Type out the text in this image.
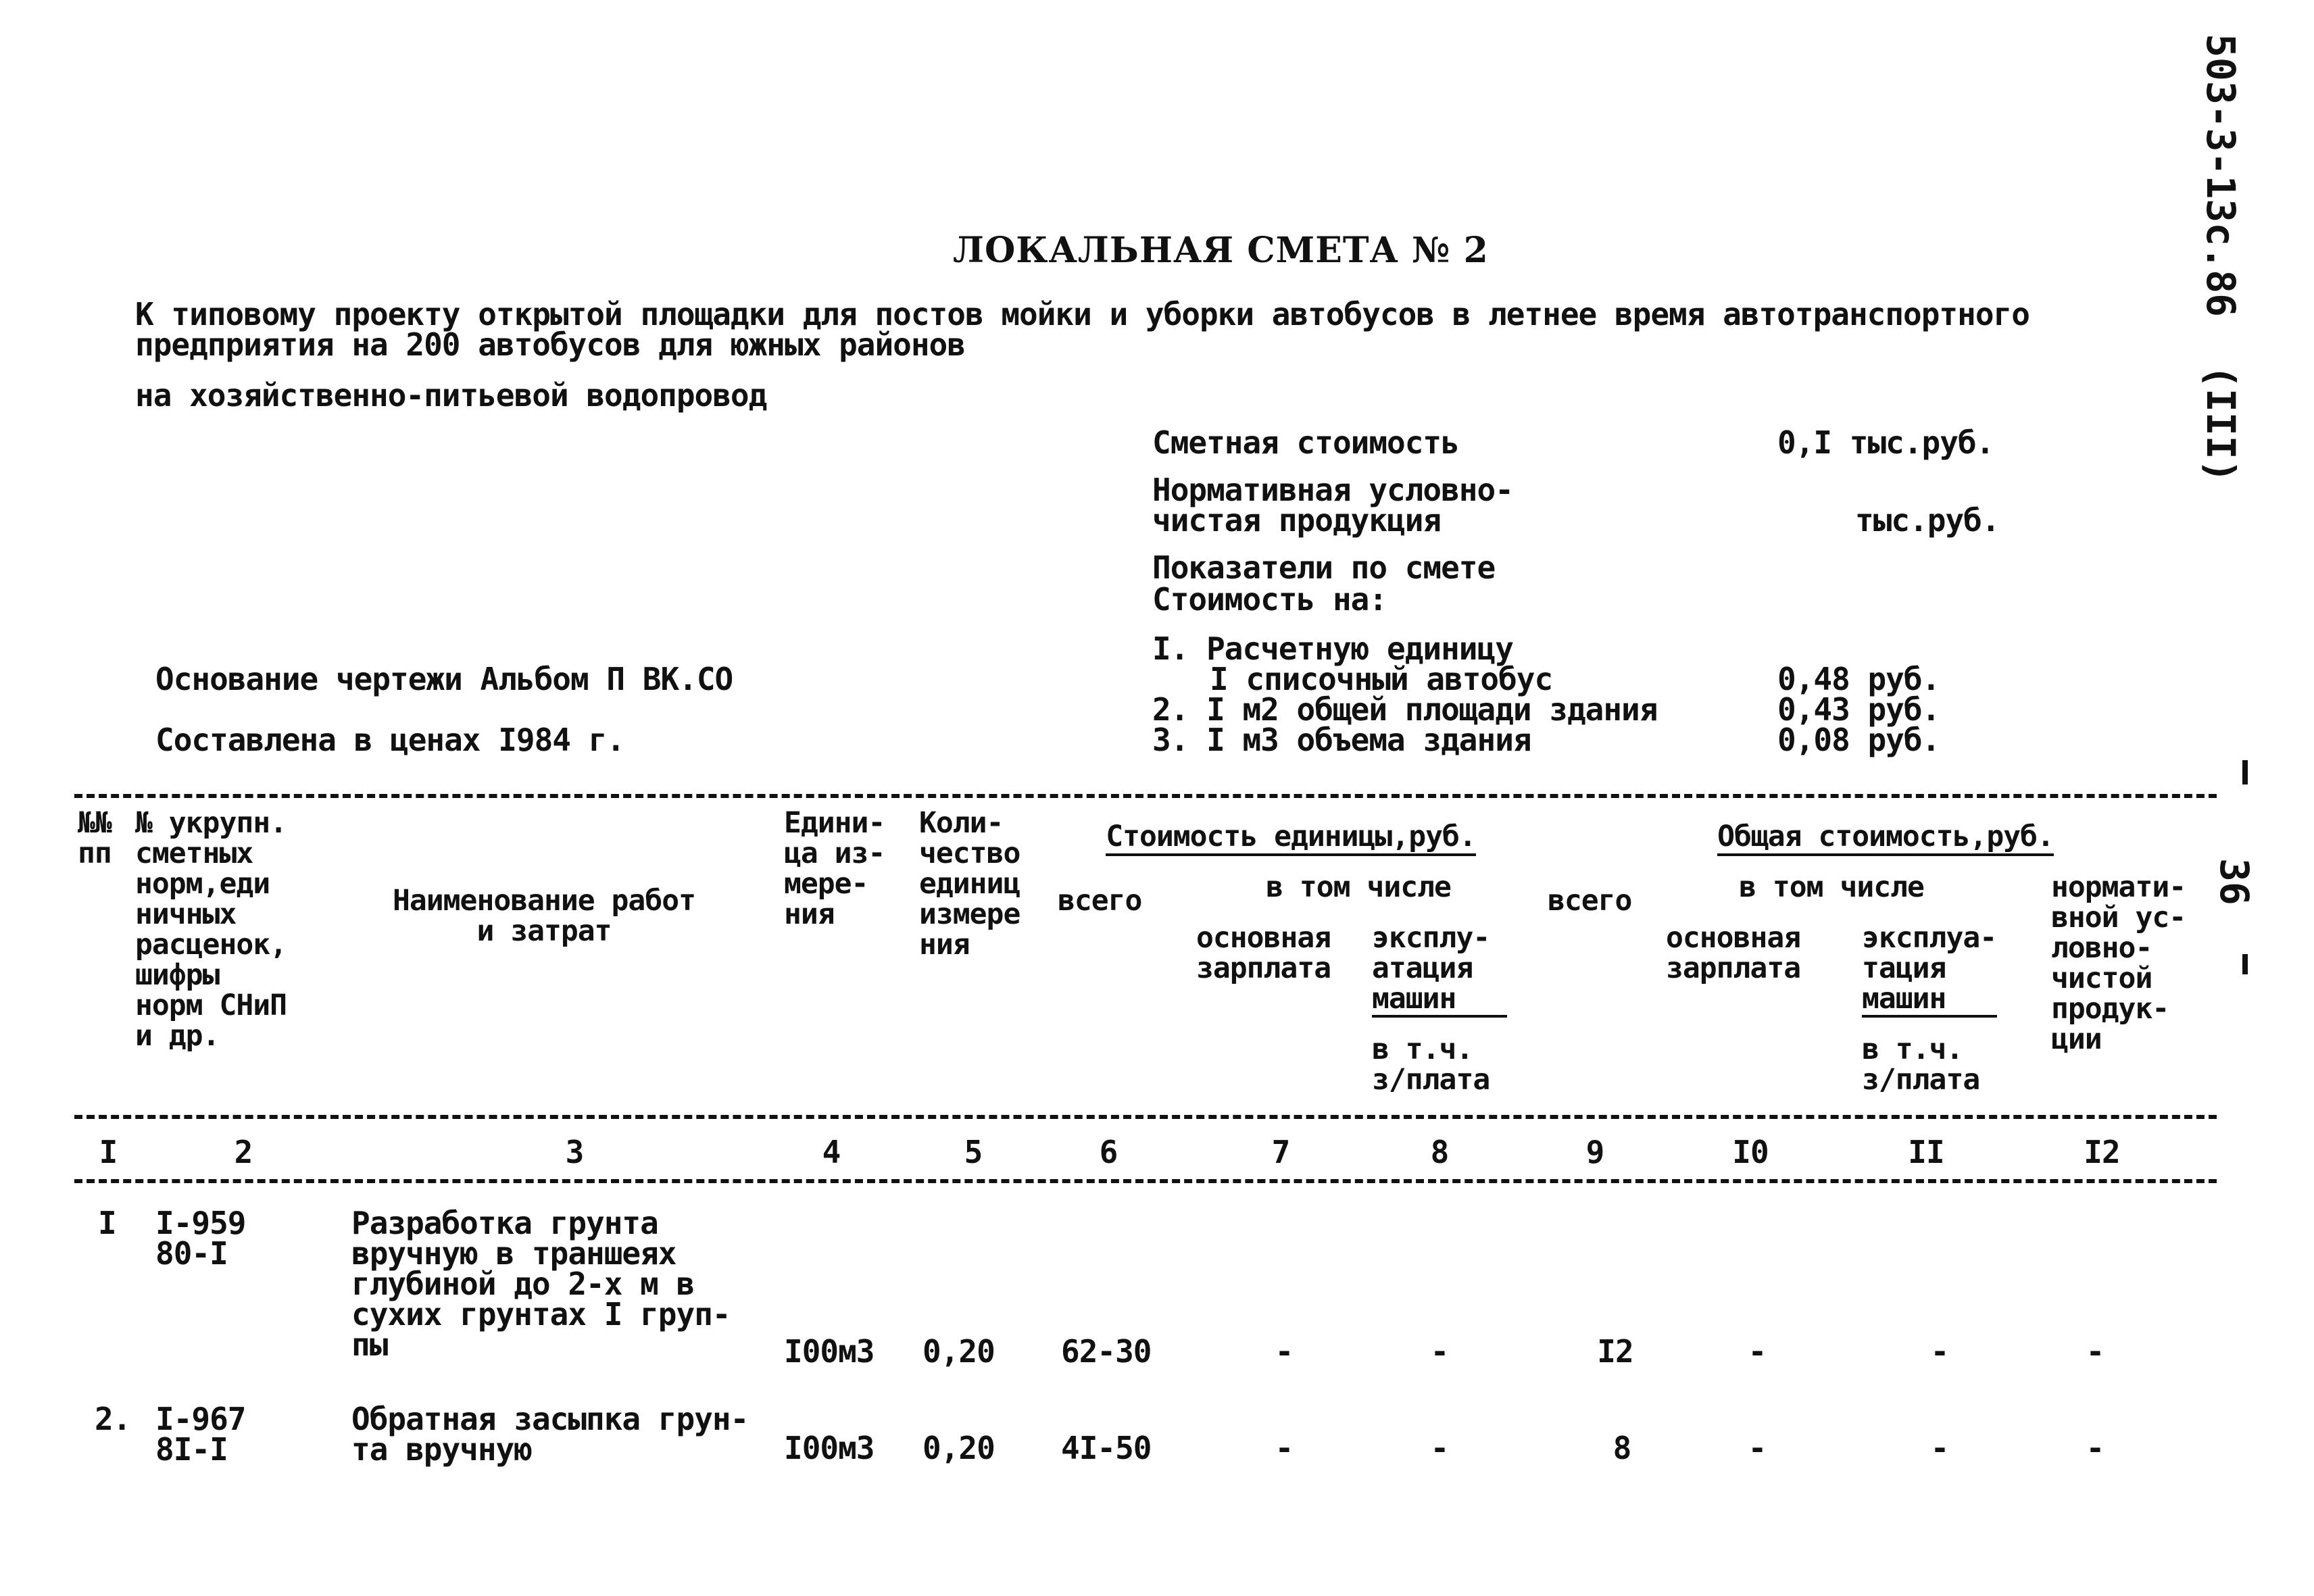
ЛОКАЛЬНАЯ СМЕТА № 2	503-3-13с.86
(III)
36
К типовому проекту открытой площадки для постов мойки и уборки автобусов в летнее время автотранспортного
предприятия на 200 автобусов для южных районов
на хозяйственно-питьевой водопровод
Сметная стоимость	0,I тыс.руб.
Нормативная условно-
чистая продукция	тыс.руб.
Показатели по смете
Стоимость на:
I. Расчетную единицу
I списочный автобус	0,48 руб.
2. I м2 общей площади здания	0,43 руб.
3. I м3 объема здания	0,08 руб.
Основание чертежи Альбом П ВК.СО
Составлена в ценах I984 г.
№№
пп
№ укрупн.
сметных
норм,еди
ничных
расценок,
шифры
норм СНиП
и др.
Наименование работ
и затрат
Едини-
ца из-
мере-
ния
Коли-
чество
единиц
измере
ния
Стоимость единицы,руб.
всего	в том числе
основная
зарплата
эксплу-
атация
машин
в т.ч.
з/плата
Общая стоимость,руб.
всего	в том числе
основная
зарплата
эксплуа-
тация
машин
в т.ч.
з/плата
нормати-
вной ус-
ловно-
чистой
продук-
ции
I	2	3	4	5	6	7	8	9	I0	II	I2
I I-959
80-I
Разработка грунта
вручную в траншеях
глубиной до 2-х м в
сухих грунтах I груп-
пы	I00м3 0,20 62-30	-	-	I2	-	-	-
2. I-967
8I-I
Обратная засыпка грун-
та вручную	I00м3 0,20 4I-50	-	-	8	-	-	-
